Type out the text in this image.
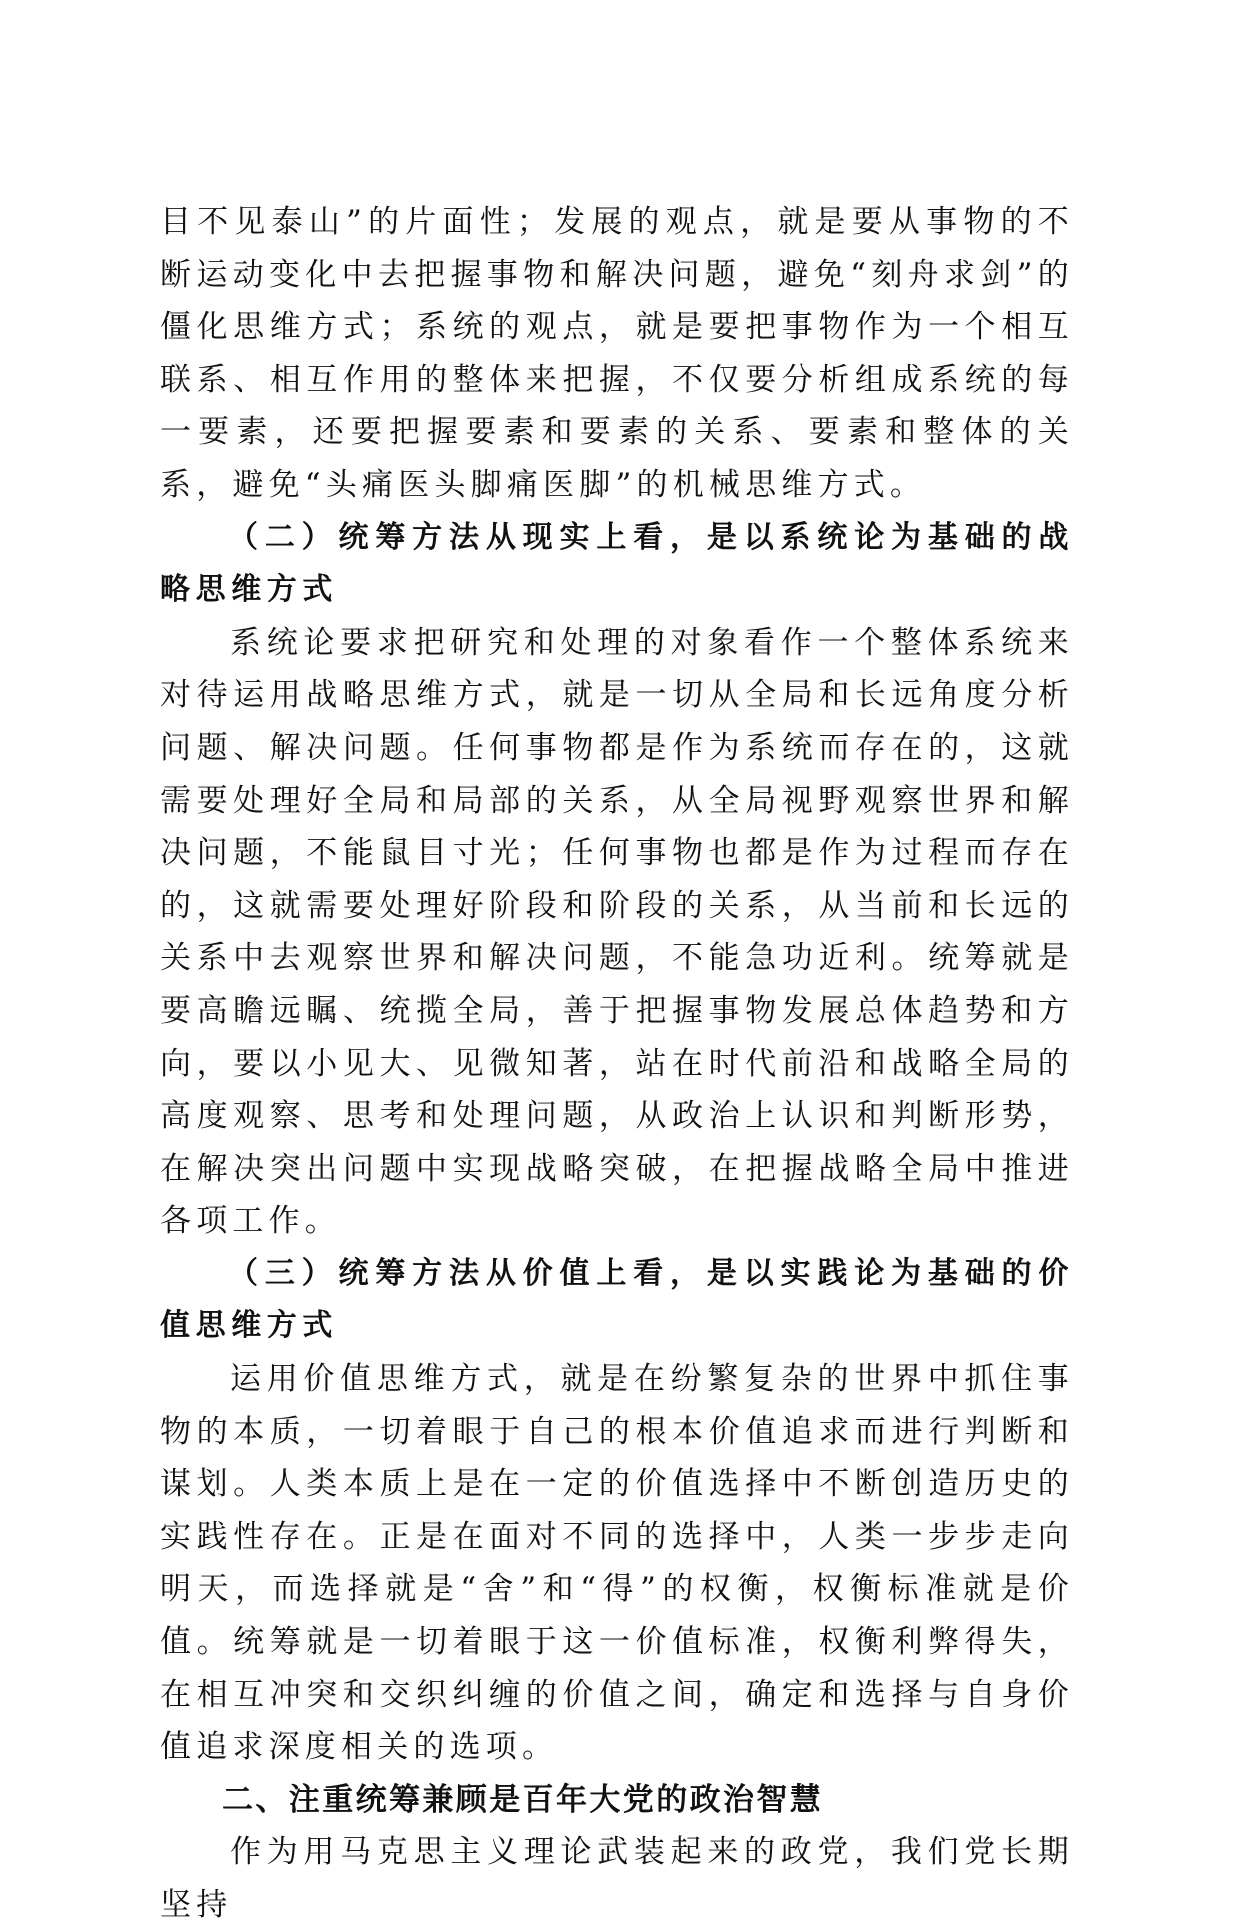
目不见泰山”的片面性；发展的观点，就是要从事物的不断运动变化中去把握事物和解决问题，避免“刻舟求剑”的僵化思维方式；系统的观点，就是要把事物作为一个相互联系、相互作用的整体来把握，不仅要分析组成系统的每一要素，还要把握要素和要素的关系、要素和整体的关系，避免“头痛医头脚痛医脚”的机械思维方式。

（二）统筹方法从现实上看，是以系统论为基础的战略思维方式

系统论要求把研究和处理的对象看作一个整体系统来对待运用战略思维方式，就是一切从全局和长远角度分析问题、解决问题。任何事物都是作为系统而存在的，这就需要处理好全局和局部的关系，从全局视野观察世界和解决问题，不能鼠目寸光；任何事物也都是作为过程而存在的，这就需要处理好阶段和阶段的关系，从当前和长远的关系中去观察世界和解决问题，不能急功近利。统筹就是要高瞻远瞩、统揽全局，善于把握事物发展总体趋势和方向，要以小见大、见微知著，站在时代前沿和战略全局的高度观察、思考和处理问题，从政治上认识和判断形势，在解决突出问题中实现战略突破，在把握战略全局中推进各项工作。

（三）统筹方法从价值上看，是以实践论为基础的价值思维方式

运用价值思维方式，就是在纷繁复杂的世界中抓住事物的本质，一切着眼于自己的根本价值追求而进行判断和谋划。人类本质上是在一定的价值选择中不断创造历史的实践性存在。正是在面对不同的选择中，人类一步步走向明天，而选择就是“舍”和“得”的权衡，权衡标准就是价值。统筹就是一切着眼于这一价值标准，权衡利弊得失，在相互冲突和交织纠缠的价值之间，确定和选择与自身价值追求深度相关的选项。

二、注重统筹兼顾是百年大党的政治智慧

作为用马克思主义理论武装起来的政党，我们党长期坚持
